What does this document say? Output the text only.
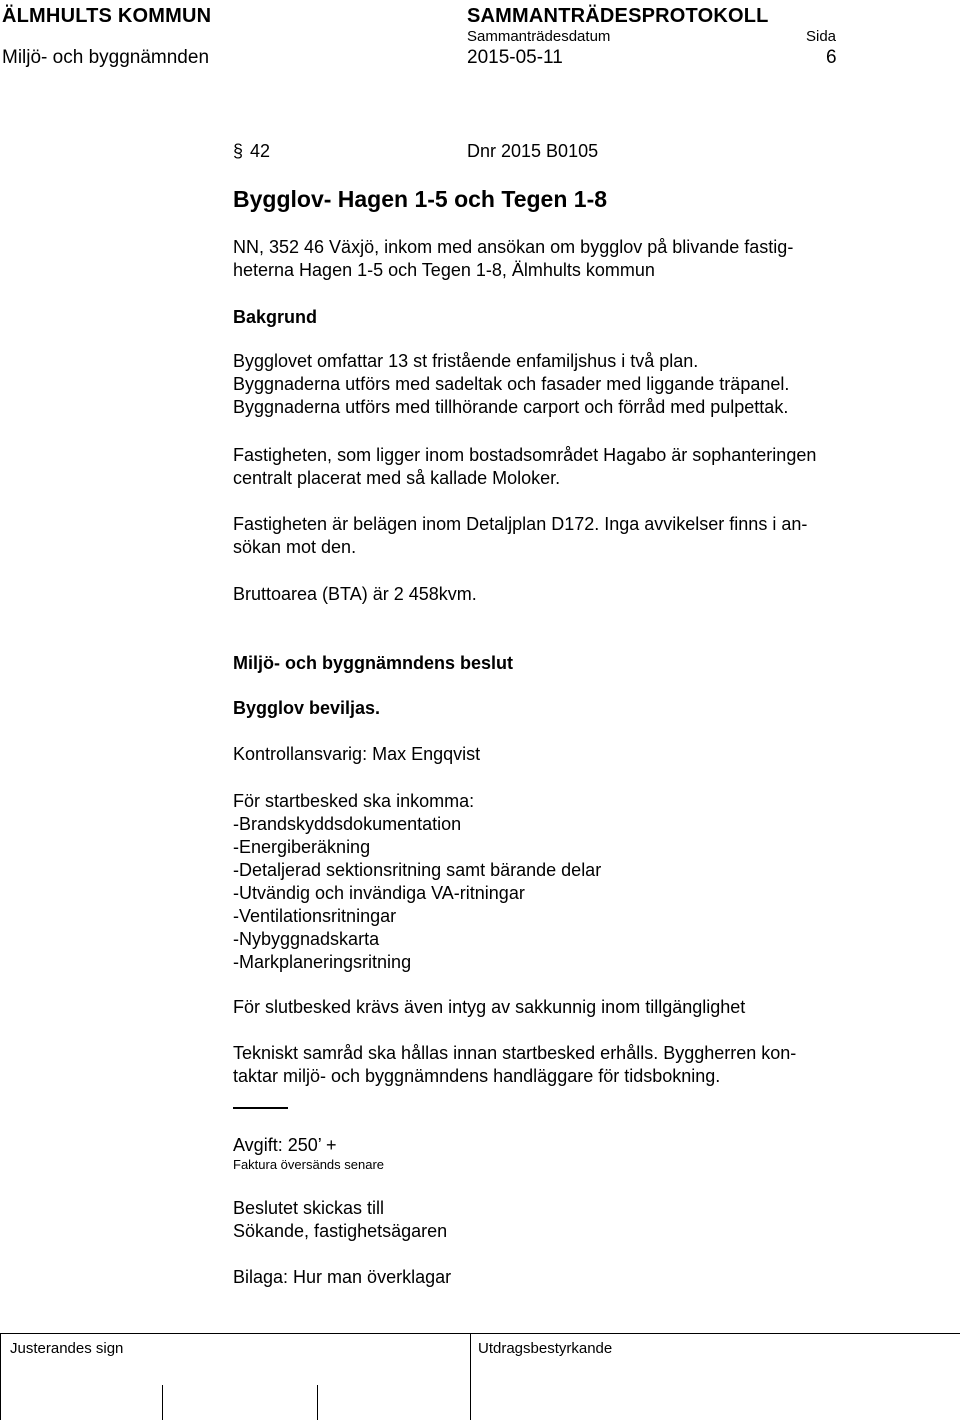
ÄLMHULTS KOMMUN
Miljö- och byggnämnden
SAMMANTRÄDESPROTOKOLL
Sammanträdesdatum
2015-05-11
Sida
6
§ 42	Dnr 2015 B0105
Bygglov- Hagen 1-5 och Tegen 1-8
NN, 352 46 Växjö, inkom med ansökan om bygglov på blivande fastig-
heterna Hagen 1-5 och Tegen 1-8, Älmhults kommun
Bakgrund
Bygglovet omfattar 13 st fristående enfamiljshus i två plan.
Byggnaderna utförs med sadeltak och fasader med liggande träpanel.
Byggnaderna utförs med tillhörande carport och förråd med pulpettak.
Fastigheten, som ligger inom bostadsområdet Hagabo är sophanteringen
centralt placerat med så kallade Moloker.
Fastigheten är belägen inom Detaljplan D172. Inga avvikelser finns i an-
sökan mot den.
Bruttoarea (BTA) är 2 458kvm.
Miljö- och byggnämndens beslut
Bygglov beviljas.
Kontrollansvarig: Max Engqvist
För startbesked ska inkomma:
-Brandskyddsdokumentation
-Energiberäkning
-Detaljerad sektionsritning samt bärande delar
-Utvändig och invändiga VA-ritningar
-Ventilationsritningar
-Nybyggnadskarta
-Markplaneringsritning
För slutbesked krävs även intyg av sakkunnig inom tillgänglighet
Tekniskt samråd ska hållas innan startbesked erhålls. Byggherren kon-
taktar miljö- och byggnämndens handläggare för tidsbokning.
Avgift: 250’ +
Faktura översänds senare
Beslutet skickas till
Sökande, fastighetsägaren
Bilaga: Hur man överklagar
Justerandes sign	Utdragsbestyrkande
